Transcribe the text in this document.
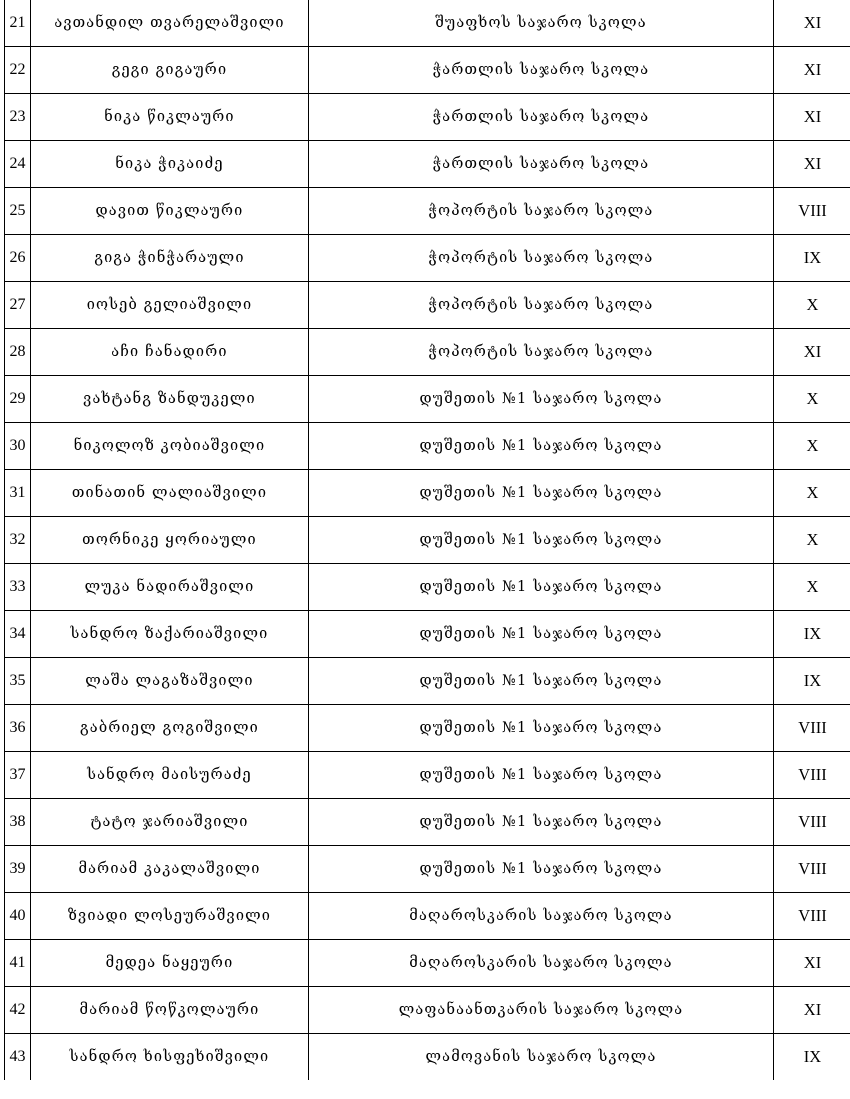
21	ავთანდილ თვარელაშვილი	შუაფხოს საჯარო სკოლა	XI
22	გეგი გიგაური	ჭართლის საჯარო სკოლა	XI
23	ნიკა წიკლაური	ჭართლის საჯარო სკოლა	XI
24	ნიკა ჭიკაიძე	ჭართლის საჯარო სკოლა	XI
25	დავით წიკლაური	ჭოპორტის საჯარო სკოლა	VIII
26	გიგა ჭინჭარაული	ჭოპორტის საჯარო სკოლა	IX
27	იოსებ გელიაშვილი	ჭოპორტის საჯარო სკოლა	X
28	აჩი ჩანადირი	ჭოპორტის საჯარო სკოლა	XI
29	ვახტანგ ზანდუკელი	დუშეთის №1 საჯარო სკოლა	X
30	ნიკოლოზ კობიაშვილი	დუშეთის №1 საჯარო სკოლა	X
31	თინათინ ლალიაშვილი	დუშეთის №1 საჯარო სკოლა	X
32	თორნიკე ყორიაული	დუშეთის №1 საჯარო სკოლა	X
33	ლუკა ნადირაშვილი	დუშეთის №1 საჯარო სკოლა	X
34	სანდრო ზაქარიაშვილი	დუშეთის №1 საჯარო სკოლა	IX
35	ლაშა ლაგაზაშვილი	დუშეთის №1 საჯარო სკოლა	IX
36	გაბრიელ გოგიშვილი	დუშეთის №1 საჯარო სკოლა	VIII
37	სანდრო მაისურაძე	დუშეთის №1 საჯარო სკოლა	VIII
38	ტატო ჯარიაშვილი	დუშეთის №1 საჯარო სკოლა	VIII
39	მარიამ კაკალაშვილი	დუშეთის №1 საჯარო სკოლა	VIII
40	ზვიადი ლოსეურაშვილი	მაღაროსკარის საჯარო სკოლა	VIII
41	მედეა ნაყეური	მაღაროსკარის საჯარო სკოლა	XI
42	მარიამ წოწკოლაური	ლაფანაანთკარის საჯარო სკოლა	XI
43	სანდრო ხისფეხიშვილი	ლამოვანის საჯარო სკოლა	IX
